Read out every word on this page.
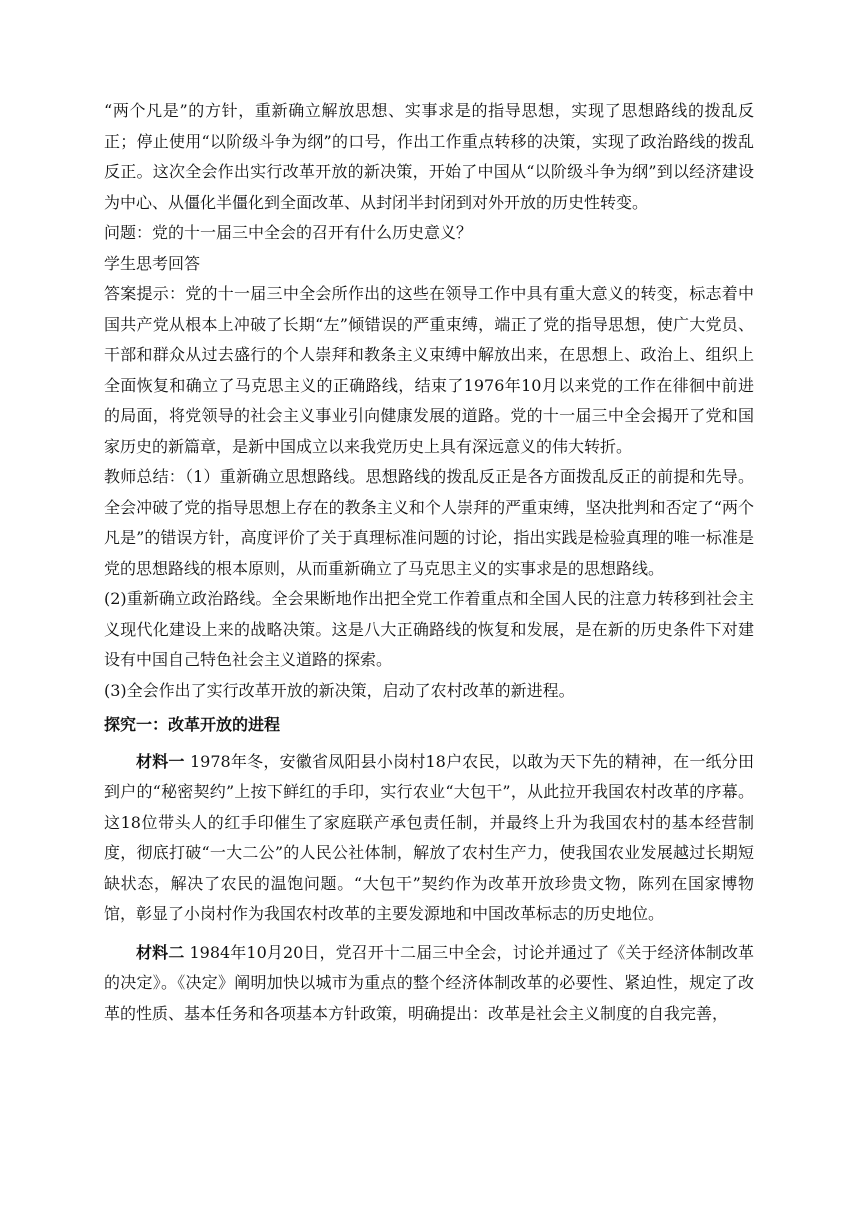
“两个凡是”的方针，重新确立解放思想、实事求是的指导思想，实现了思想路线的拨乱反正；停止使用“以阶级斗争为纲”的口号，作出工作重点转移的决策，实现了政治路线的拨乱反正。这次全会作出实行改革开放的新决策，开始了中国从“以阶级斗争为纲”到以经济建设为中心、从僵化半僵化到全面改革、从封闭半封闭到对外开放的历史性转变。

问题：党的十一届三中全会的召开有什么历史意义？

学生思考回答

答案提示：党的十一届三中全会所作出的这些在领导工作中具有重大意义的转变，标志着中国共产党从根本上冲破了长期“左”倾错误的严重束缚，端正了党的指导思想，使广大党员、干部和群众从过去盛行的个人崇拜和教条主义束缚中解放出来，在思想上、政治上、组织上全面恢复和确立了马克思主义的正确路线，结束了1976年10月以来党的工作在徘徊中前进的局面，将党领导的社会主义事业引向健康发展的道路。党的十一届三中全会揭开了党和国家历史的新篇章，是新中国成立以来我党历史上具有深远意义的伟大转折。

教师总结：（1）重新确立思想路线。思想路线的拨乱反正是各方面拨乱反正的前提和先导。全会冲破了党的指导思想上存在的教条主义和个人崇拜的严重束缚，坚决批判和否定了“两个凡是”的错误方针，高度评价了关于真理标准问题的讨论，指出实践是检验真理的唯一标准是党的思想路线的根本原则，从而重新确立了马克思主义的实事求是的思想路线。

(2)重新确立政治路线。全会果断地作出把全党工作着重点和全国人民的注意力转移到社会主义现代化建设上来的战略决策。这是八大正确路线的恢复和发展，是在新的历史条件下对建设有中国自己特色社会主义道路的探索。

(3)全会作出了实行改革开放的新决策，启动了农村改革的新进程。

探究一：改革开放的进程

材料一 1978年冬，安徽省凤阳县小岗村18户农民，以敢为天下先的精神，在一纸分田到户的“秘密契约”上按下鲜红的手印，实行农业“大包干”，从此拉开我国农村改革的序幕。这18位带头人的红手印催生了家庭联产承包责任制，并最终上升为我国农村的基本经营制度，彻底打破“一大二公”的人民公社体制，解放了农村生产力，使我国农业发展越过长期短缺状态，解决了农民的温饱问题。“大包干”契约作为改革开放珍贵文物，陈列在国家博物馆，彰显了小岗村作为我国农村改革的主要发源地和中国改革标志的历史地位。

材料二 1984年10月20日，党召开十二届三中全会，讨论并通过了《关于经济体制改革的决定》。《决定》阐明加快以城市为重点的整个经济体制改革的必要性、紧迫性，规定了改革的性质、基本任务和各项基本方针政策，明确提出：改革是社会主义制度的自我完善，
